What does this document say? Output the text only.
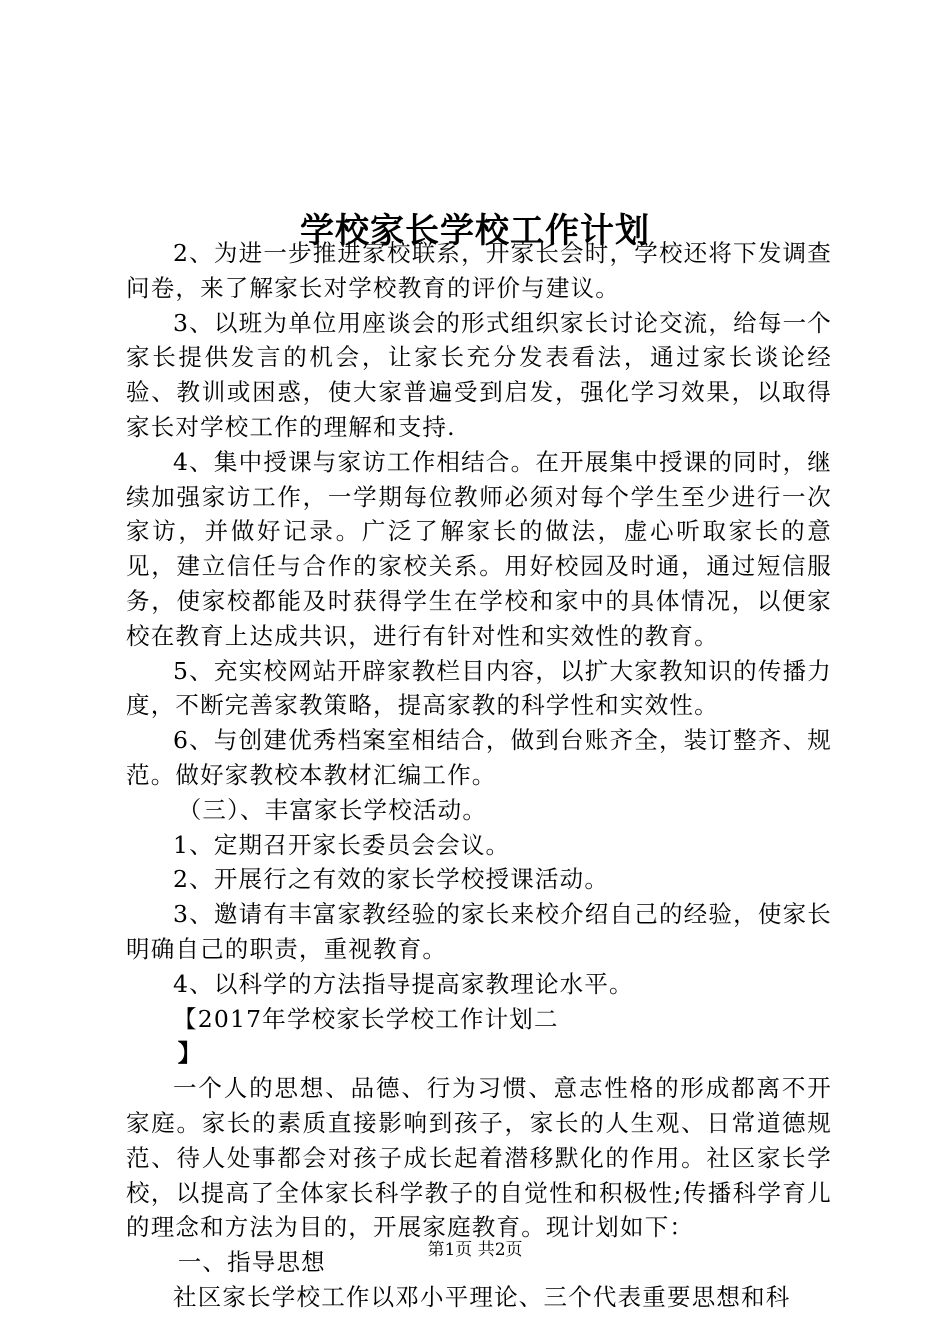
学校家长学校工作计划

2、为进一步推进家校联系，开家长会时，学校还将下发调查问卷，来了解家长对学校教育的评价与建议。

3、以班为单位用座谈会的形式组织家长讨论交流，给每一个家长提供发言的机会，让家长充分发表看法，通过家长谈论经验、教训或困惑，使大家普遍受到启发，强化学习效果，以取得家长对学校工作的理解和支持.

4、集中授课与家访工作相结合。在开展集中授课的同时，继续加强家访工作，一学期每位教师必须对每个学生至少进行一次家访，并做好记录。广泛了解家长的做法，虚心听取家长的意见，建立信任与合作的家校关系。用好校园及时通，通过短信服务，使家校都能及时获得学生在学校和家中的具体情况，以便家校在教育上达成共识，进行有针对性和实效性的教育。

5、充实校网站开辟家教栏目内容，以扩大家教知识的传播力度，不断完善家教策略，提高家教的科学性和实效性。

6、与创建优秀档案室相结合，做到台账齐全，装订整齐、规范。做好家教校本教材汇编工作。

（三）、丰富家长学校活动。

1、定期召开家长委员会会议。

2、开展行之有效的家长学校授课活动。

3、邀请有丰富家教经验的家长来校介绍自己的经验，使家长明确自己的职责，重视教育。

4、以科学的方法指导提高家教理论水平。

【2017年学校家长学校工作计划二

】

一个人的思想、品德、行为习惯、意志性格的形成都离不开家庭。家长的素质直接影响到孩子，家长的人生观、日常道德规范、待人处事都会对孩子成长起着潜移默化的作用。社区家长学校，以提高了全体家长科学教子的自觉性和积极性;传播科学育儿的理念和方法为目的，开展家庭教育。现计划如下：

一、指导思想

社区家长学校工作以邓小平理论、三个代表重要思想和科

第1页 共2页
